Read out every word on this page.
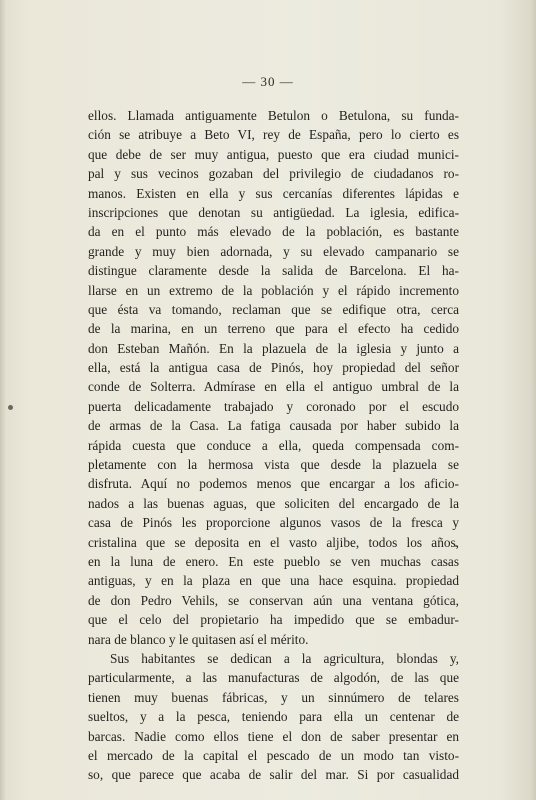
— 30 —
ellos. Llamada antiguamente Betulon o Betulona, su funda-
ción se atribuye a Beto VI, rey de España, pero lo cierto es
que debe de ser muy antigua, puesto que era ciudad munici-
pal y sus vecinos gozaban del privilegio de ciudadanos ro-
manos. Existen en ella y sus cercanías diferentes lápidas e
inscripciones que denotan su antigüedad. La iglesia, edifica-
da en el punto más elevado de la población, es bastante
grande y muy bien adornada, y su elevado campanario se
distingue claramente desde la salida de Barcelona. El ha-
llarse en un extremo de la población y el rápido incremento
que ésta va tomando, reclaman que se edifique otra, cerca
de la marina, en un terreno que para el efecto ha cedido
don Esteban Mañón. En la plazuela de la iglesia y junto a
ella, está la antigua casa de Pinós, hoy propiedad del señor
conde de Solterra. Admírase en ella el antiguo umbral de la
puerta delicadamente trabajado y coronado por el escudo
de armas de la Casa. La fatiga causada por haber subido la
rápida cuesta que conduce a ella, queda compensada com-
pletamente con la hermosa vista que desde la plazuela se
disfruta. Aquí no podemos menos que encargar a los aficio-
nados a las buenas aguas, que soliciten del encargado de la
casa de Pinós les proporcione algunos vasos de la fresca y
cristalina que se deposita en el vasto aljibe, todos los años,
en la luna de enero. En este pueblo se ven muchas casas
antiguas, y en la plaza en que una hace esquina. propiedad
de don Pedro Vehils, se conservan aún una ventana gótica,
que el celo del propietario ha impedido que se embadur-
nara de blanco y le quitasen así el mérito.
Sus habitantes se dedican a la agricultura, blondas y,
particularmente, a las manufacturas de algodón, de las que
tienen muy buenas fábricas, y un sinnúmero de telares
sueltos, y a la pesca, teniendo para ella un centenar de
barcas. Nadie como ellos tiene el don de saber presentar en
el mercado de la capital el pescado de un modo tan visto-
so, que parece que acaba de salir del mar. Si por casualidad
